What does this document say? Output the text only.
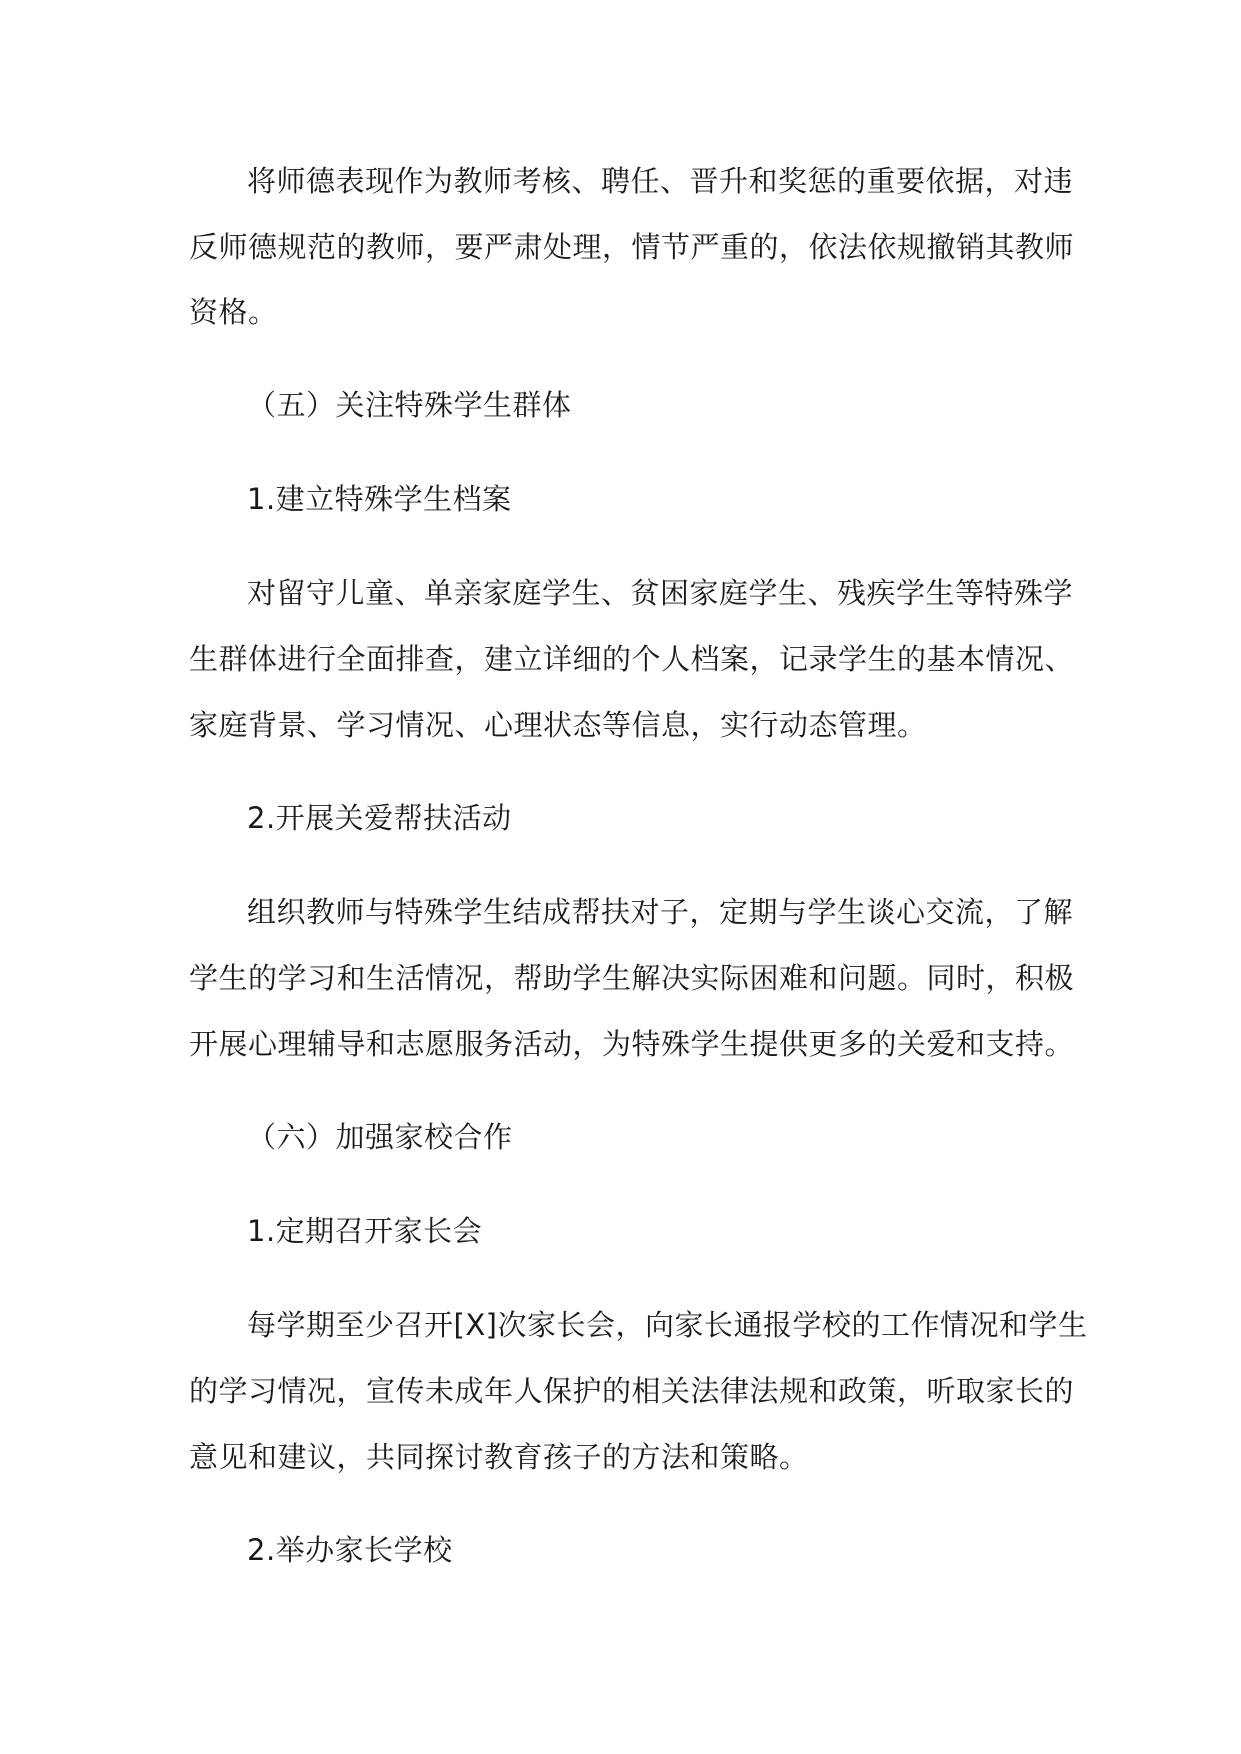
将师德表现作为教师考核、聘任、晋升和奖惩的重要依据，对违
反师德规范的教师，要严肃处理，情节严重的，依法依规撤销其教师
资格。
（五）关注特殊学生群体
1.建立特殊学生档案
对留守儿童、单亲家庭学生、贫困家庭学生、残疾学生等特殊学
生群体进行全面排查，建立详细的个人档案，记录学生的基本情况、
家庭背景、学习情况、心理状态等信息，实行动态管理。
2.开展关爱帮扶活动
组织教师与特殊学生结成帮扶对子，定期与学生谈心交流，了解
学生的学习和生活情况，帮助学生解决实际困难和问题。同时，积极
开展心理辅导和志愿服务活动，为特殊学生提供更多的关爱和支持。
（六）加强家校合作
1.定期召开家长会
每学期至少召开[X]次家长会，向家长通报学校的工作情况和学生
的学习情况，宣传未成年人保护的相关法律法规和政策，听取家长的
意见和建议，共同探讨教育孩子的方法和策略。
2.举办家长学校
